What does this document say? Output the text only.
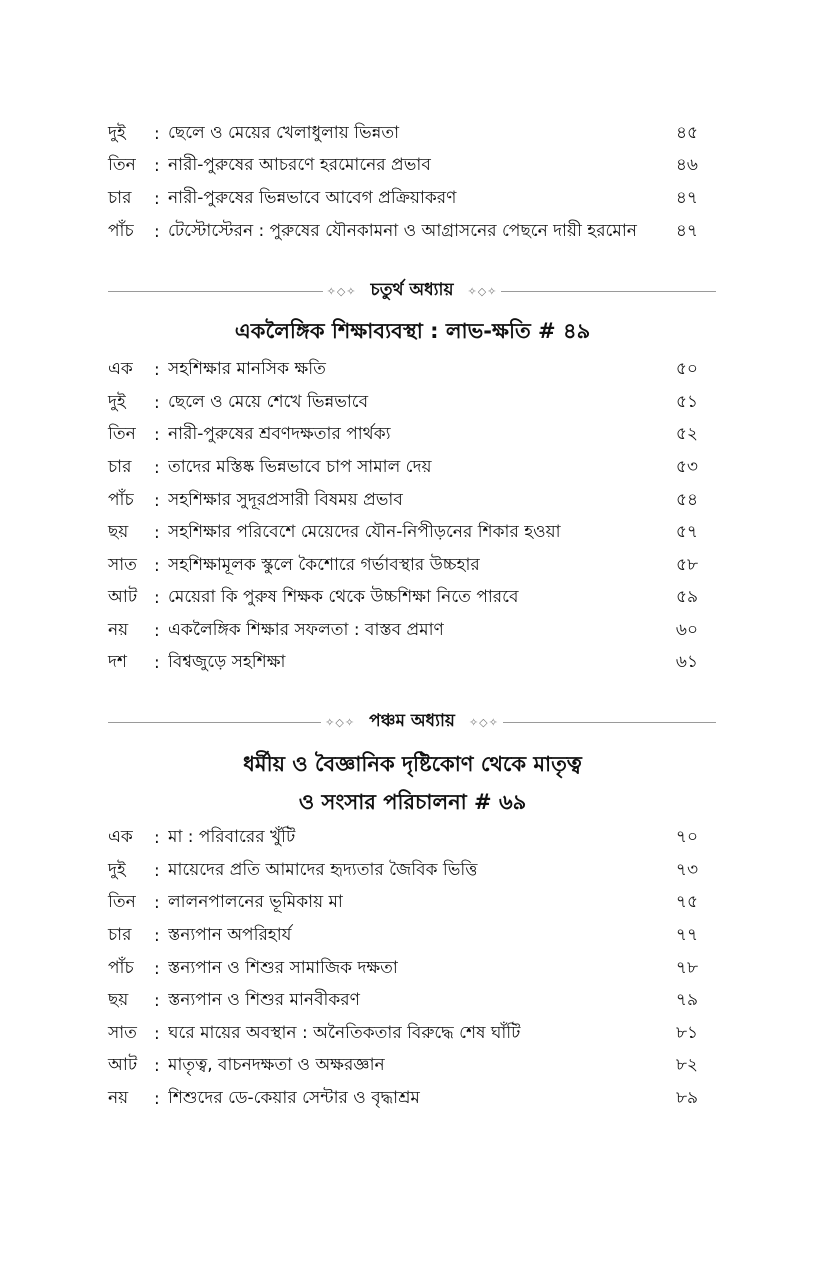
দুই	: ছেলে ও মেয়ের খেলাধুলায় ভিন্নতা	৪৫
তিন	: নারী-পুরুষের আচরণে হরমোনের প্রভাব	৪৬
চার	: নারী-পুরুষের ভিন্নভাবে আবেগ প্রক্রিয়াকরণ	৪৭
পাঁচ	: টেস্টোস্টেরন : পুরুষের যৌনকামনা ও আগ্রাসনের পেছনে দায়ী হরমোন	৪৭
✧◇✧ চতুর্থ অধ্যায়	✧◇✧
একলৈঙ্গিক শিক্ষাব্যবস্থা : লাভ-ক্ষতি # ৪৯
এক	: সহশিক্ষার মানসিক ক্ষতি	৫০
দুই	: ছেলে ও মেয়ে শেখে ভিন্নভাবে	৫১
তিন	: নারী-পুরুষের শ্রবণদক্ষতার পার্থক্য	৫২
চার	: তাদের মস্তিষ্ক ভিন্নভাবে চাপ সামাল দেয়	৫৩
পাঁচ	: সহশিক্ষার সুদূরপ্রসারী বিষময় প্রভাব	৫৪
ছয়	: সহশিক্ষার পরিবেশে মেয়েদের যৌন-নিপীড়নের শিকার হওয়া	৫৭
সাত	: সহশিক্ষামূলক স্কুলে কৈশোরে গর্ভাবস্থার উচ্চহার	৫৮
আট : মেয়েরা কি পুরুষ শিক্ষক থেকে উচ্চশিক্ষা নিতে পারবে	৫৯
নয়	: একলৈঙ্গিক শিক্ষার সফলতা : বাস্তব প্রমাণ	৬০
দশ	: বিশ্বজুড়ে সহশিক্ষা	৬১
✧◇✧ পঞ্চম অধ্যায়	✧◇✧
ধর্মীয় ও বৈজ্ঞানিক দৃষ্টিকোণ থেকে মাতৃত্ব
ও সংসার পরিচালনা # ৬৯
এক	: মা : পরিবারের খুঁটি	৭০
দুই	: মায়েদের প্রতি আমাদের হৃদ্যতার জৈবিক ভিত্তি	৭৩
তিন	: লালনপালনের ভূমিকায় মা	৭৫
চার	: স্তন্যপান অপরিহার্য	৭৭
পাঁচ	: স্তন্যপান ও শিশুর সামাজিক দক্ষতা	৭৮
ছয়	: স্তন্যপান ও শিশুর মানবীকরণ	৭৯
সাত	: ঘরে মায়ের অবস্থান : অনৈতিকতার বিরুদ্ধে শেষ ঘাঁটি	৮১
আট : মাতৃত্ব, বাচনদক্ষতা ও অক্ষরজ্ঞান	৮২
নয়	: শিশুদের ডে-কেয়ার সেন্টার ও বৃদ্ধাশ্রম	৮৯
